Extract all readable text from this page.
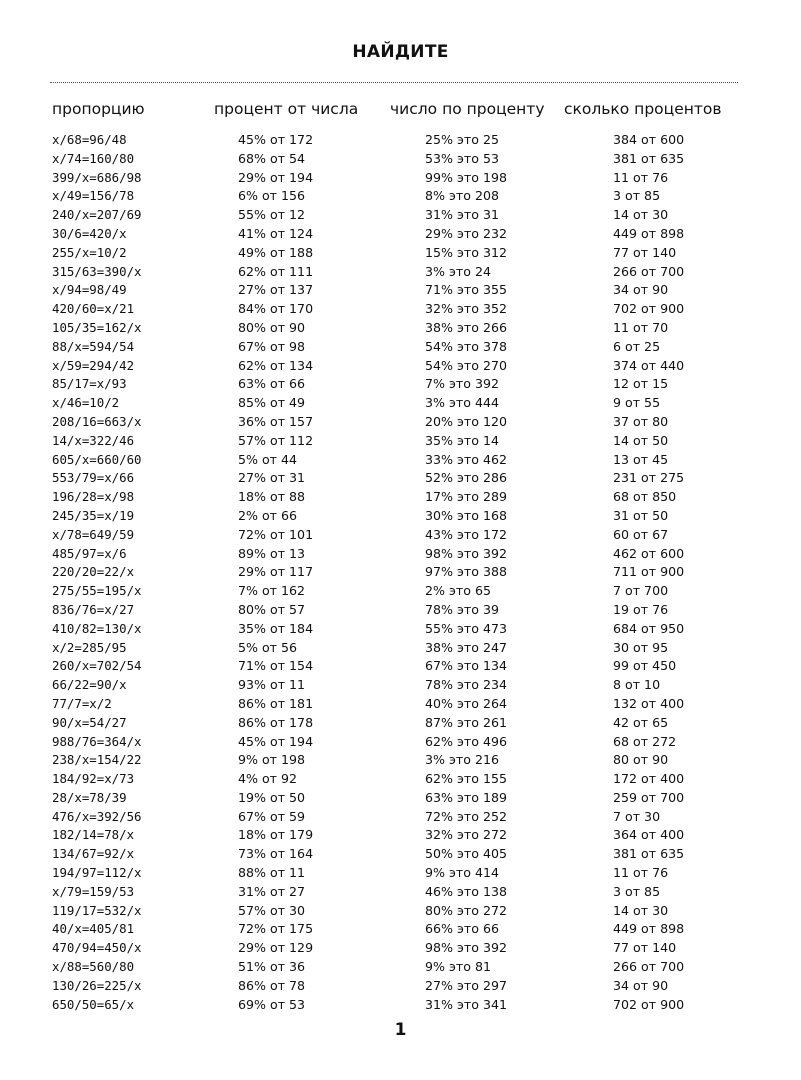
НАЙДИТЕ
пропорцию	процент от числа число по проценту сколько процентов
x/68=96/48
x/74=160/80
399/x=686/98
x/49=156/78
240/x=207/69
30/6=420/x
255/x=10/2
315/63=390/x
x/94=98/49
420/60=x/21
105/35=162/x
88/x=594/54
x/59=294/42
85/17=x/93
x/46=10/2
208/16=663/x
14/x=322/46
605/x=660/60
553/79=x/66
196/28=x/98
245/35=x/19
x/78=649/59
485/97=x/6
220/20=22/x
275/55=195/x
836/76=x/27
410/82=130/x
x/2=285/95
260/x=702/54
66/22=90/x
77/7=x/2
90/x=54/27
988/76=364/x
238/x=154/22
184/92=x/73
28/x=78/39
476/x=392/56
182/14=78/x
134/67=92/x
194/97=112/x
x/79=159/53
119/17=532/x
40/x=405/81
470/94=450/x
x/88=560/80
130/26=225/x
650/50=65/x
45% от 172
68% от 54
29% от 194
6% от 156
55% от 12
41% от 124
49% от 188
62% от 111
27% от 137
84% от 170
80% от 90
67% от 98
62% от 134
63% от 66
85% от 49
36% от 157
57% от 112
5% от 44
27% от 31
18% от 88
2% от 66
72% от 101
89% от 13
29% от 117
7% от 162
80% от 57
35% от 184
5% от 56
71% от 154
93% от 11
86% от 181
86% от 178
45% от 194
9% от 198
4% от 92
19% от 50
67% от 59
18% от 179
73% от 164
88% от 11
31% от 27
57% от 30
72% от 175
29% от 129
51% от 36
86% от 78
69% от 53
25% это 25
53% это 53
99% это 198
8% это 208
31% это 31
29% это 232
15% это 312
3% это 24
71% это 355
32% это 352
38% это 266
54% это 378
54% это 270
7% это 392
3% это 444
20% это 120
35% это 14
33% это 462
52% это 286
17% это 289
30% это 168
43% это 172
98% это 392
97% это 388
2% это 65
78% это 39
55% это 473
38% это 247
67% это 134
78% это 234
40% это 264
87% это 261
62% это 496
3% это 216
62% это 155
63% это 189
72% это 252
32% это 272
50% это 405
9% это 414
46% это 138
80% это 272
66% это 66
98% это 392
9% это 81
27% это 297
31% это 341
384 от 600
381 от 635
11 от 76
3 от 85
14 от 30
449 от 898
77 от 140
266 от 700
34 от 90
702 от 900
11 от 70
6 от 25
374 от 440
12 от 15
9 от 55
37 от 80
14 от 50
13 от 45
231 от 275
68 от 850
31 от 50
60 от 67
462 от 600
711 от 900
7 от 700
19 от 76
684 от 950
30 от 95
99 от 450
8 от 10
132 от 400
42 от 65
68 от 272
80 от 90
172 от 400
259 от 700
7 от 30
364 от 400
381 от 635
11 от 76
3 от 85
14 от 30
449 от 898
77 от 140
266 от 700
34 от 90
702 от 900
1
